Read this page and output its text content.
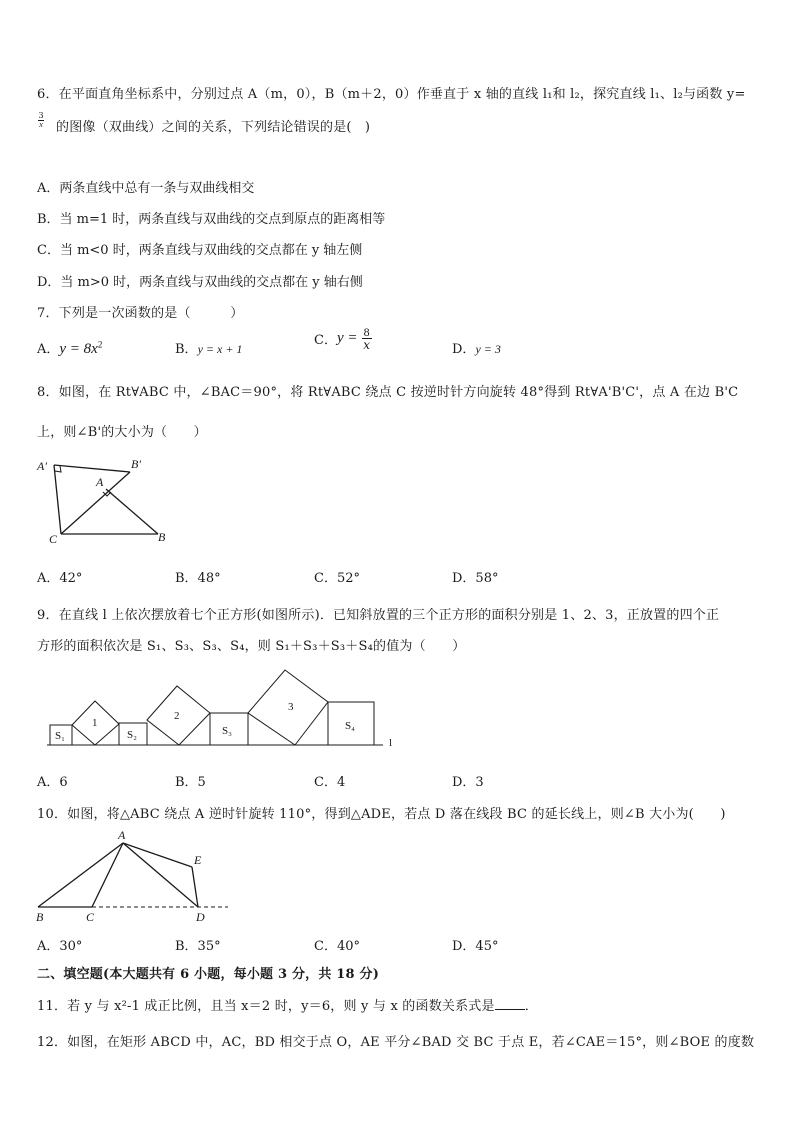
6．在平面直角坐标系中，分别过点 A（m，0），B（m＋2，0）作垂直于 x 轴的直线 l₁和 l₂，探究直线 l₁、l₂与函数 y=
$\frac{3}{x}$ 的图像（双曲线）之间的关系，下列结论错误的是(　)
A．两条直线中总有一条与双曲线相交
B．当 m=1 时，两条直线与双曲线的交点到原点的距离相等
C．当 m<0 时，两条直线与双曲线的交点都在 y 轴左侧
D．当 m>0 时，两条直线与双曲线的交点都在 y 轴右侧
7．下列是一次函数的是（　　　）
A．$y = 8x^2$	B．y = x + 1
C．$y = \frac{8}{x}$	D．y = 3
8．如图，在 Rt∀ABC 中，∠BAC＝90°，将 Rt∀ABC 绕点 C 按逆时针方向旋转 48°得到 Rt∀A'B'C'，点 A 在边 B'C
上，则∠B'的大小为（　　）
A′	B′
A
C	B
A．42°	B．48°	C．52°	D．58°
9．在直线 l 上依次摆放着七个正方形(如图所示)．已知斜放置的三个正方形的面积分别是 1、2、3，正放置的四个正
方形的面积依次是 S₁、S₃、S₃、S₄，则 S₁＋S₃＋S₃＋S₄的值为（　　）
S₁
1
S₂
2
S₃
3
S₄
l
A．6	B．5	C．4	D．3
10．如图，将△ABC 绕点 A 逆时针旋转 110°，得到△ADE，若点 D 落在线段 BC 的延长线上，则∠B 大小为(　　)
A
E
B	C	D
A．30°	B．35°	C．40°	D．45°
二、填空题(本大题共有 6 小题，每小题 3 分，共 18 分)
11．若 y 与 x²-1 成正比例，且当 x＝2 时，y＝6，则 y 与 x 的函数关系式是 ．
12．如图，在矩形 ABCD 中，AC，BD 相交于点 O，AE 平分∠BAD 交 BC 于点 E，若∠CAE＝15°，则∠BOE 的度数
